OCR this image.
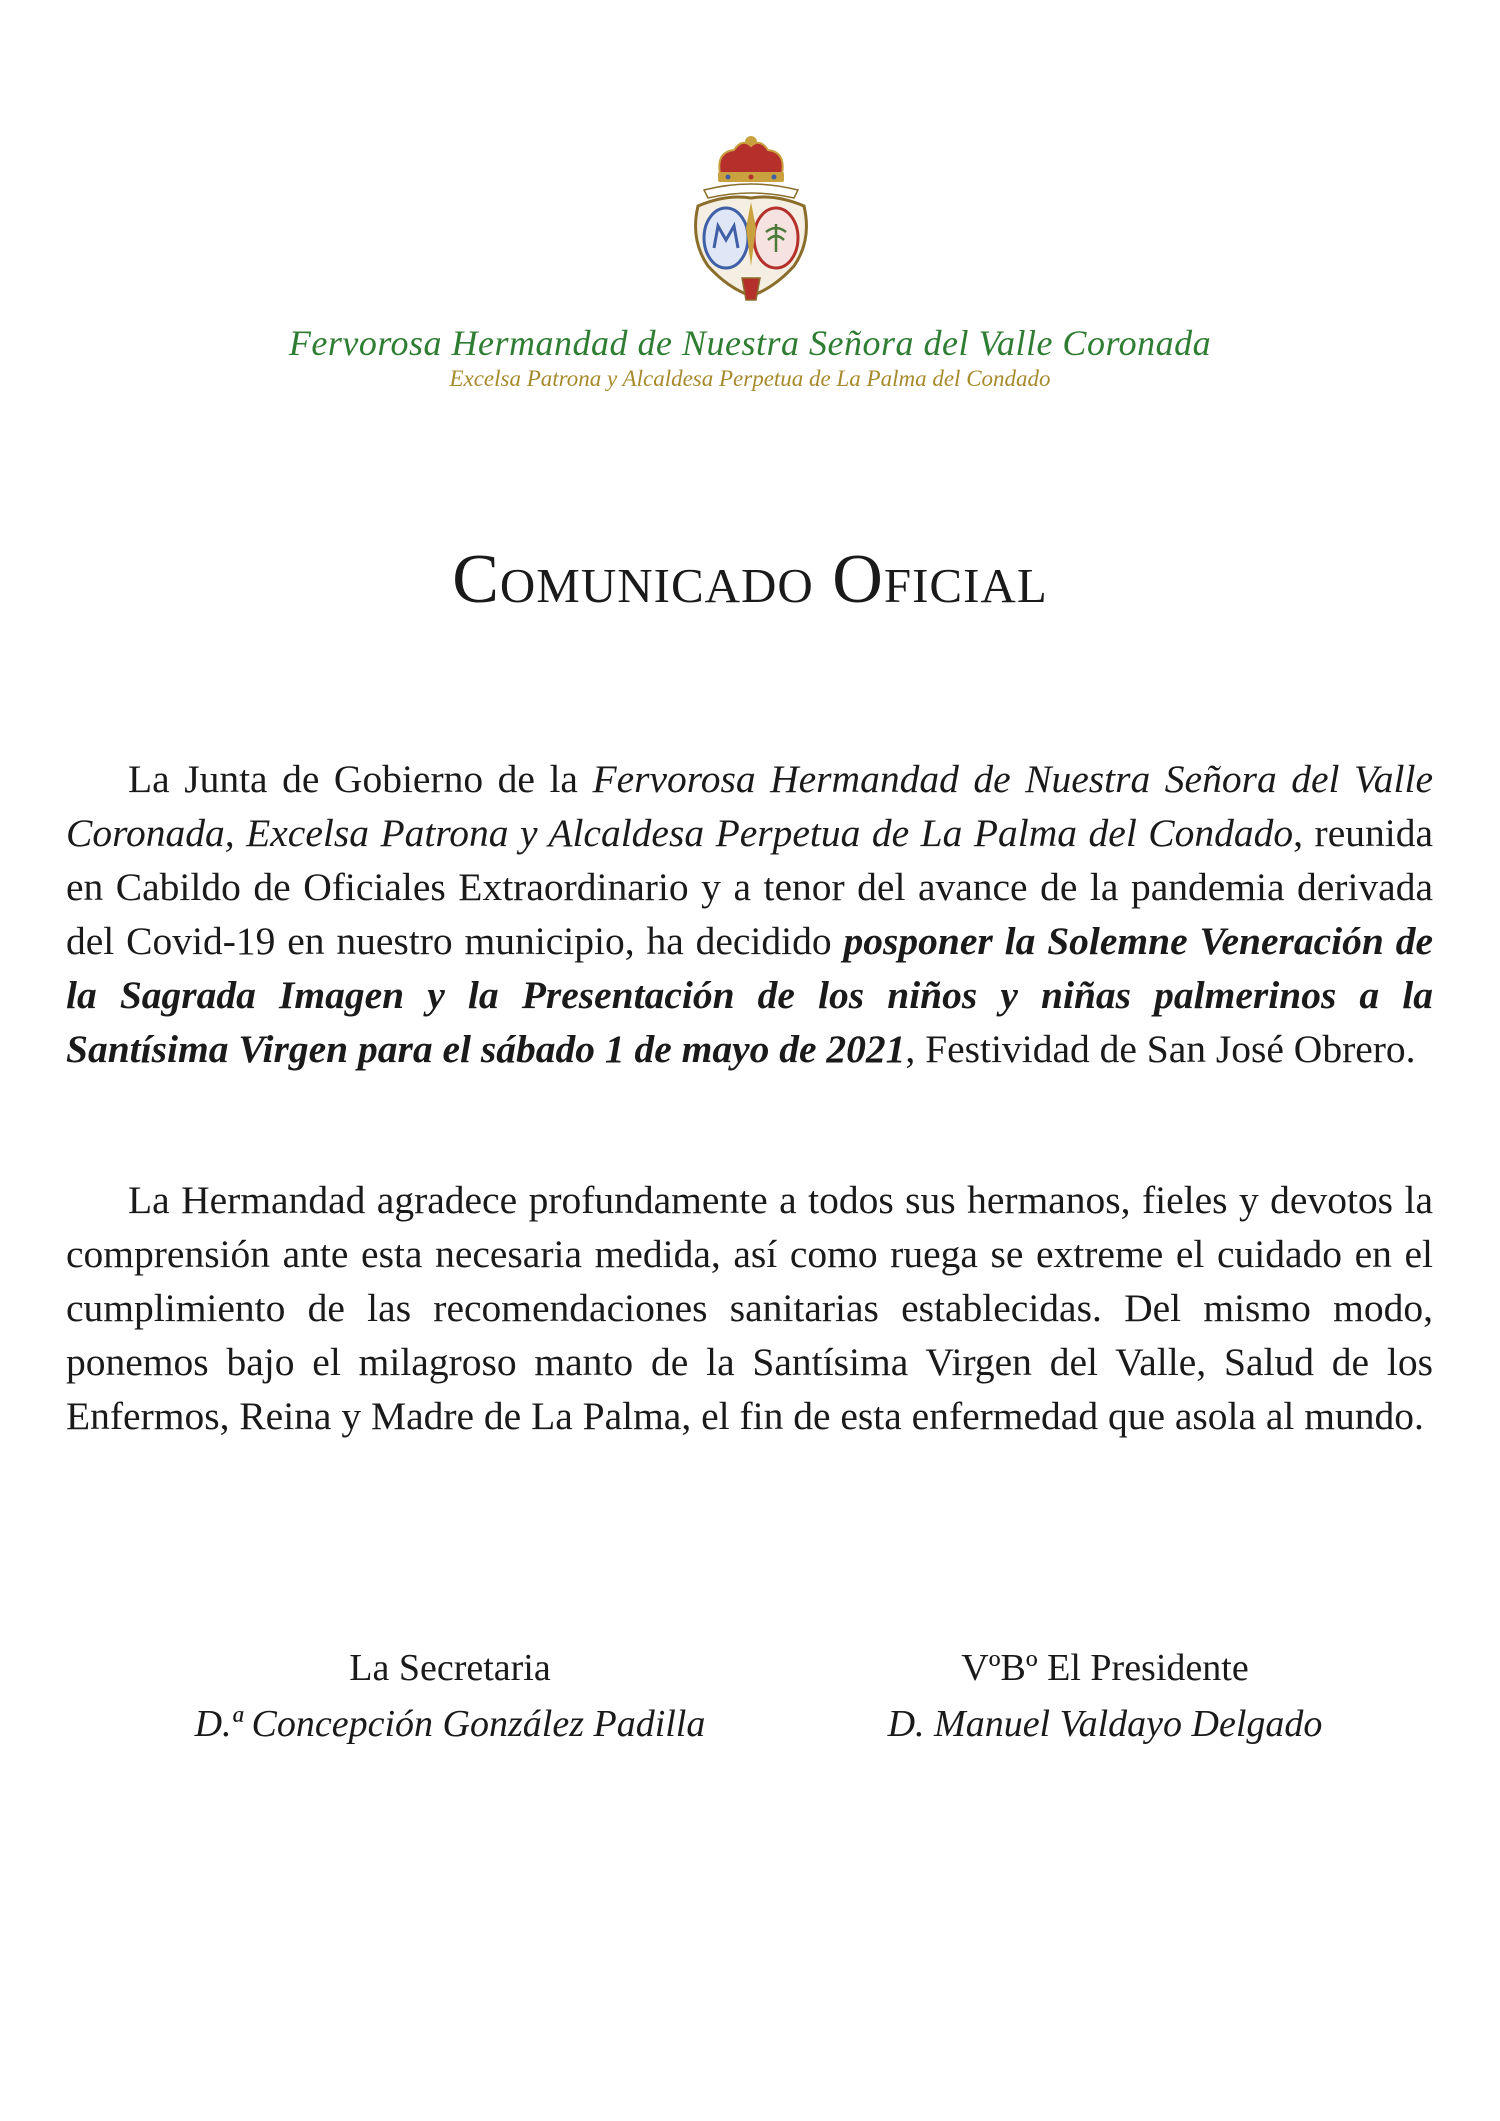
Fervorosa Hermandad de Nuestra Señora del Valle Coronada
Excelsa Patrona y Alcaldesa Perpetua de La Palma del Condado
Comunicado Oficial

La Junta de Gobierno de la Fervorosa Hermandad de Nuestra Señora del Valle Coronada, Excelsa Patrona y Alcaldesa Perpetua de La Palma del Condado, reunida en Cabildo de Oficiales Extraordinario y a tenor del avance de la pandemia derivada del Covid-19 en nuestro municipio, ha decidido posponer la Solemne Veneración de la Sagrada Imagen y la Presentación de los niños y niñas palmerinos a la Santísima Virgen para el sábado 1 de mayo de 2021, Festividad de San José Obrero.

La Hermandad agradece profundamente a todos sus hermanos, fieles y devotos la comprensión ante esta necesaria medida, así como ruega se extreme el cuidado en el cumplimiento de las recomendaciones sanitarias establecidas. Del mismo modo, ponemos bajo el milagroso manto de la Santísima Virgen del Valle, Salud de los Enfermos, Reina y Madre de La Palma, el fin de esta enfermedad que asola al mundo.

La Secretaria
D.ª Concepción González Padilla
VºBº El Presidente
D. Manuel Valdayo Delgado
